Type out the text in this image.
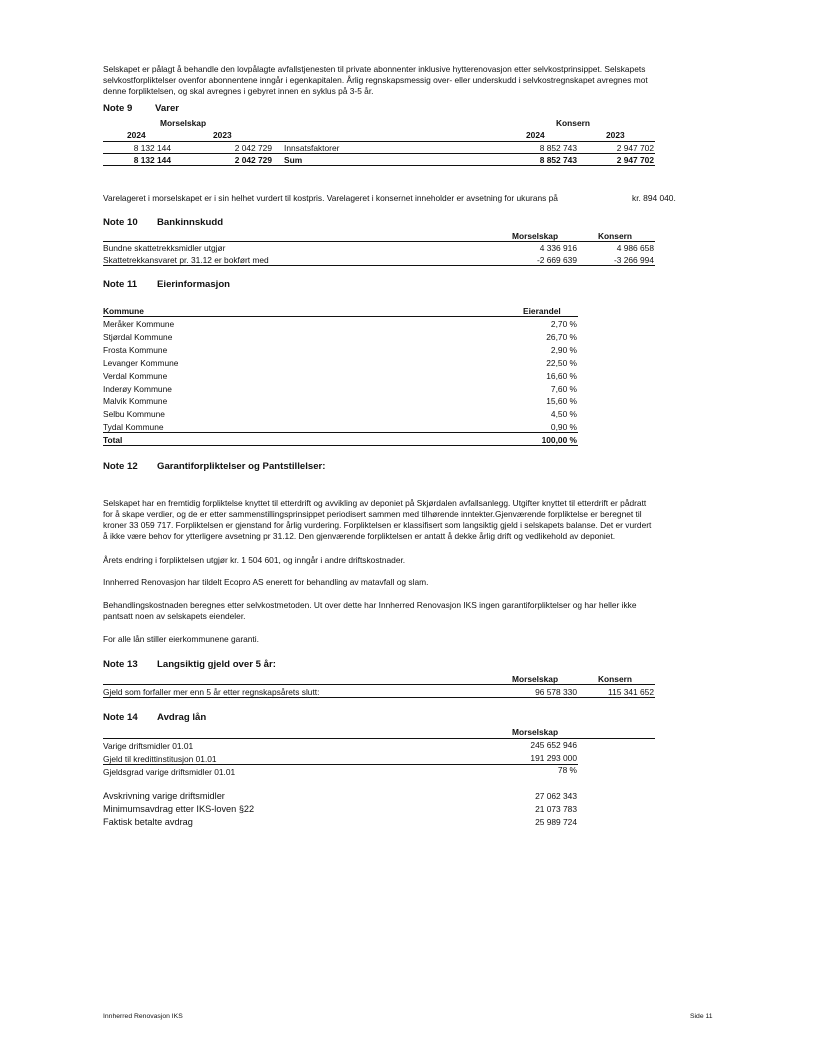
Selskapet er pålagt å behandle den lovpålagte avfallstjenesten til private abonnenter inklusive hytterenovasjon etter selvkostprinsippet. Selskapets
selvkostforpliktelser ovenfor abonnentene inngår i egenkapitalen. Årlig regnskapsmessig over- eller underskudd i selvkostregnskapet avregnes mot
denne forpliktelsen, og skal avregnes i gebyret innen en syklus på 3-5 år.
Note 9 Varer
Morselskap	Konsern
2024	2023	2024	2023
8 132 144	2 042 729 Innsatsfaktorer	8 852 743	2 947 702
8 132 144	2 042 729 Sum	8 852 743	2 947 702
Varelageret i morselskapet er i sin helhet vurdert til kostpris. Varelageret i konsernet inneholder er avsetning for ukurans på	kr. 894 040.
Note 10 Bankinnskudd
Morselskap	Konsern
Bundne skattetrekksmidler utgjør	4 336 916	4 986 658
Skattetrekkansvaret pr. 31.12 er bokført med	-2 669 639	-3 266 994
Note 11 Eierinformasjon
Kommune	Eierandel
Meråker Kommune	2,70 %
Stjørdal Kommune	26,70 %
Frosta Kommune	2,90 %
Levanger Kommune	22,50 %
Verdal Kommune	16,60 %
Inderøy Kommune	7,60 %
Malvik Kommune	15,60 %
Selbu Kommune	4,50 %
Tydal Kommune	0,90 %
Total	100,00 %
Note 12 Garantiforpliktelser og Pantstillelser:
Selskapet har en fremtidig forpliktelse knyttet til etterdrift og avvikling av deponiet på Skjørdalen avfallsanlegg. Utgifter knyttet til etterdrift er pådratt
for å skape verdier, og de er etter sammenstillingsprinsippet periodisert sammen med tilhørende inntekter.Gjenværende forpliktelse er beregnet til
kroner 33 059 717. Forpliktelsen er gjenstand for årlig vurdering. Forpliktelsen er klassifisert som langsiktig gjeld i selskapets balanse. Det er vurdert
å ikke være behov for ytterligere avsetning pr 31.12. Den gjenværende forpliktelsen er antatt å dekke årlig drift og vedlikehold av deponiet.
Årets endring i forpliktelsen utgjør kr. 1 504 601, og inngår i andre driftskostnader.
Innherred Renovasjon har tildelt Ecopro AS enerett for behandling av matavfall og slam.
Behandlingskostnaden beregnes etter selvkostmetoden. Ut over dette har Innherred Renovasjon IKS ingen garantiforpliktelser og har heller ikke
pantsatt noen av selskapets eiendeler.
For alle lån stiller eierkommunene garanti.
Note 13 Langsiktig gjeld over 5 år:
Morselskap	Konsern
Gjeld som forfaller mer enn 5 år etter regnskapsårets slutt:	96 578 330	115 341 652
Note 14 Avdrag lån
Morselskap
Varige driftsmidler 01.01	245 652 946
Gjeld til kredittinstitusjon 01.01	191 293 000
Gjeldsgrad varige driftsmidler 01.01	78 %
Avskrivning varige driftsmidler	27 062 343
Minimumsavdrag etter IKS-loven §22	21 073 783
Faktisk betalte avdrag	25 989 724
Innherred Renovasjon IKS	Side 11
